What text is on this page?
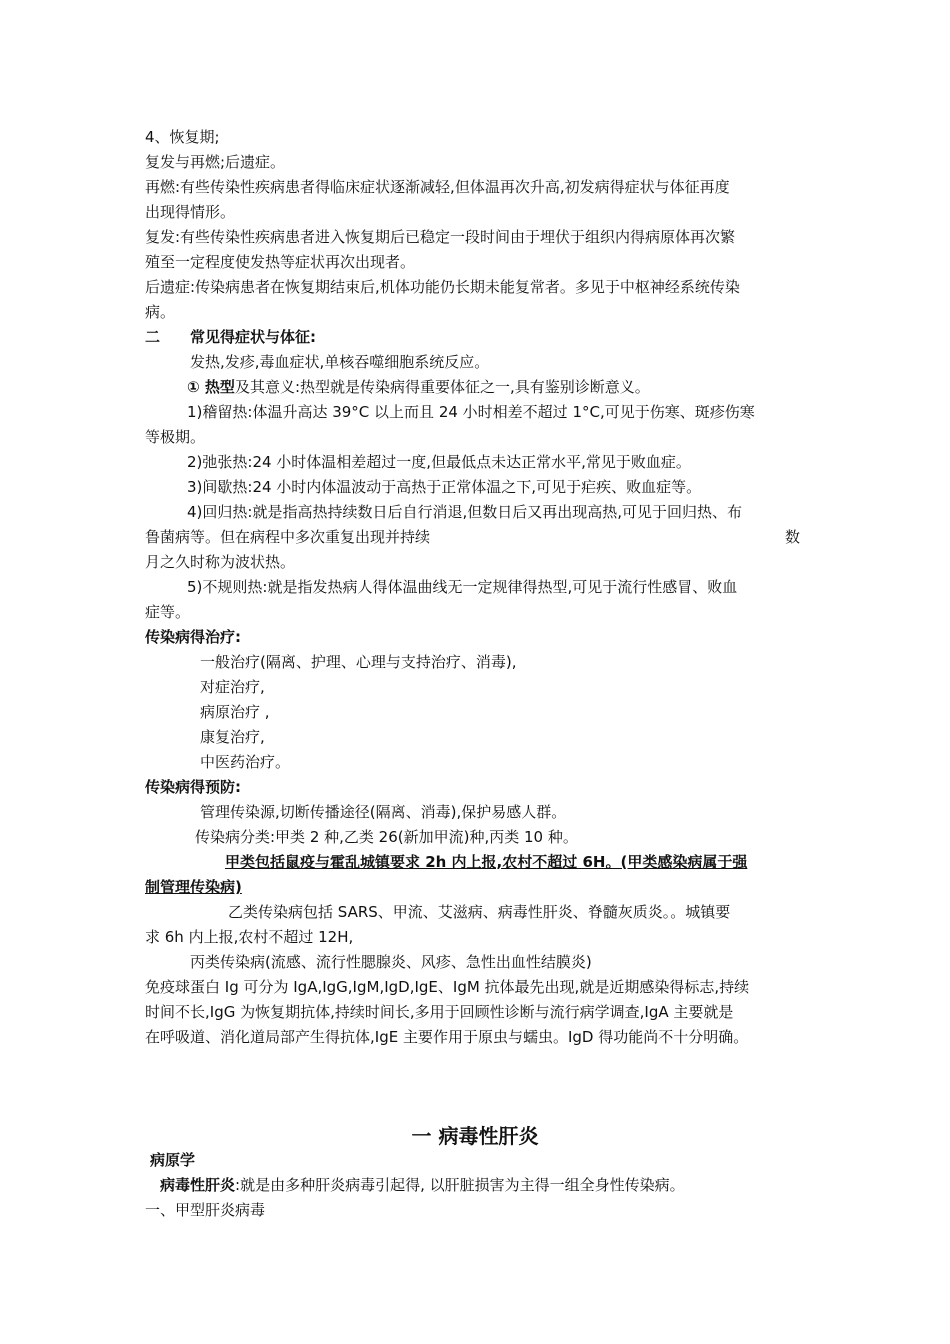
4、恢复期;
复发与再燃;后遗症。
再燃:有些传染性疾病患者得临床症状逐渐减轻,但体温再次升高,初发病得症状与体征再度
出现得情形。
复发:有些传染性疾病患者进入恢复期后已稳定一段时间由于埋伏于组织内得病原体再次繁
殖至一定程度使发热等症状再次出现者。
后遗症:传染病患者在恢复期结束后,机体功能仍长期未能复常者。多见于中枢神经系统传染
病。
二　　常见得症状与体征:
发热,发疹,毒血症状,单核吞噬细胞系统反应。
① 热型及其意义:热型就是传染病得重要体征之一,具有鉴别诊断意义。
1)稽留热:体温升高达 39°C 以上而且 24 小时相差不超过 1°C,可见于伤寒、斑疹伤寒
等极期。
2)弛张热:24 小时体温相差超过一度,但最低点未达正常水平,常见于败血症。
3)间歇热:24 小时内体温波动于高热于正常体温之下,可见于疟疾、败血症等。
4)回归热:就是指高热持续数日后自行消退,但数日后又再出现高热,可见于回归热、布
鲁菌病等。但在病程中多次重复出现并持续	数
月之久时称为波状热。
5)不规则热:就是指发热病人得体温曲线无一定规律得热型,可见于流行性感冒、败血
症等。
传染病得治疗:
一般治疗(隔离、护理、心理与支持治疗、消毒),
对症治疗,
病原治疗 ,
康复治疗,
中医药治疗。
传染病得预防:
管理传染源,切断传播途径(隔离、消毒),保护易感人群。
传染病分类:甲类 2 种,乙类 26(新加甲流)种,丙类 10 种。
甲类包括鼠疫与霍乱城镇要求 2h 内上报,农村不超过 6H。(甲类感染病属于强
制管理传染病)
乙类传染病包括 SARS、甲流、艾滋病、病毒性肝炎、脊髓灰质炎。。城镇要
求 6h 内上报,农村不超过 12H,
丙类传染病(流感、流行性腮腺炎、风疹、急性出血性结膜炎)
免疫球蛋白 Ig 可分为 IgA,IgG,IgM,IgD,IgE、IgM 抗体最先出现,就是近期感染得标志,持续
时间不长,IgG 为恢复期抗体,持续时间长,多用于回顾性诊断与流行病学调查,IgA 主要就是
在呼吸道、消化道局部产生得抗体,IgE 主要作用于原虫与蠕虫。IgD 得功能尚不十分明确。
一 病毒性肝炎
病原学
病毒性肝炎:就是由多种肝炎病毒引起得, 以肝脏损害为主得一组全身性传染病。
一、甲型肝炎病毒
